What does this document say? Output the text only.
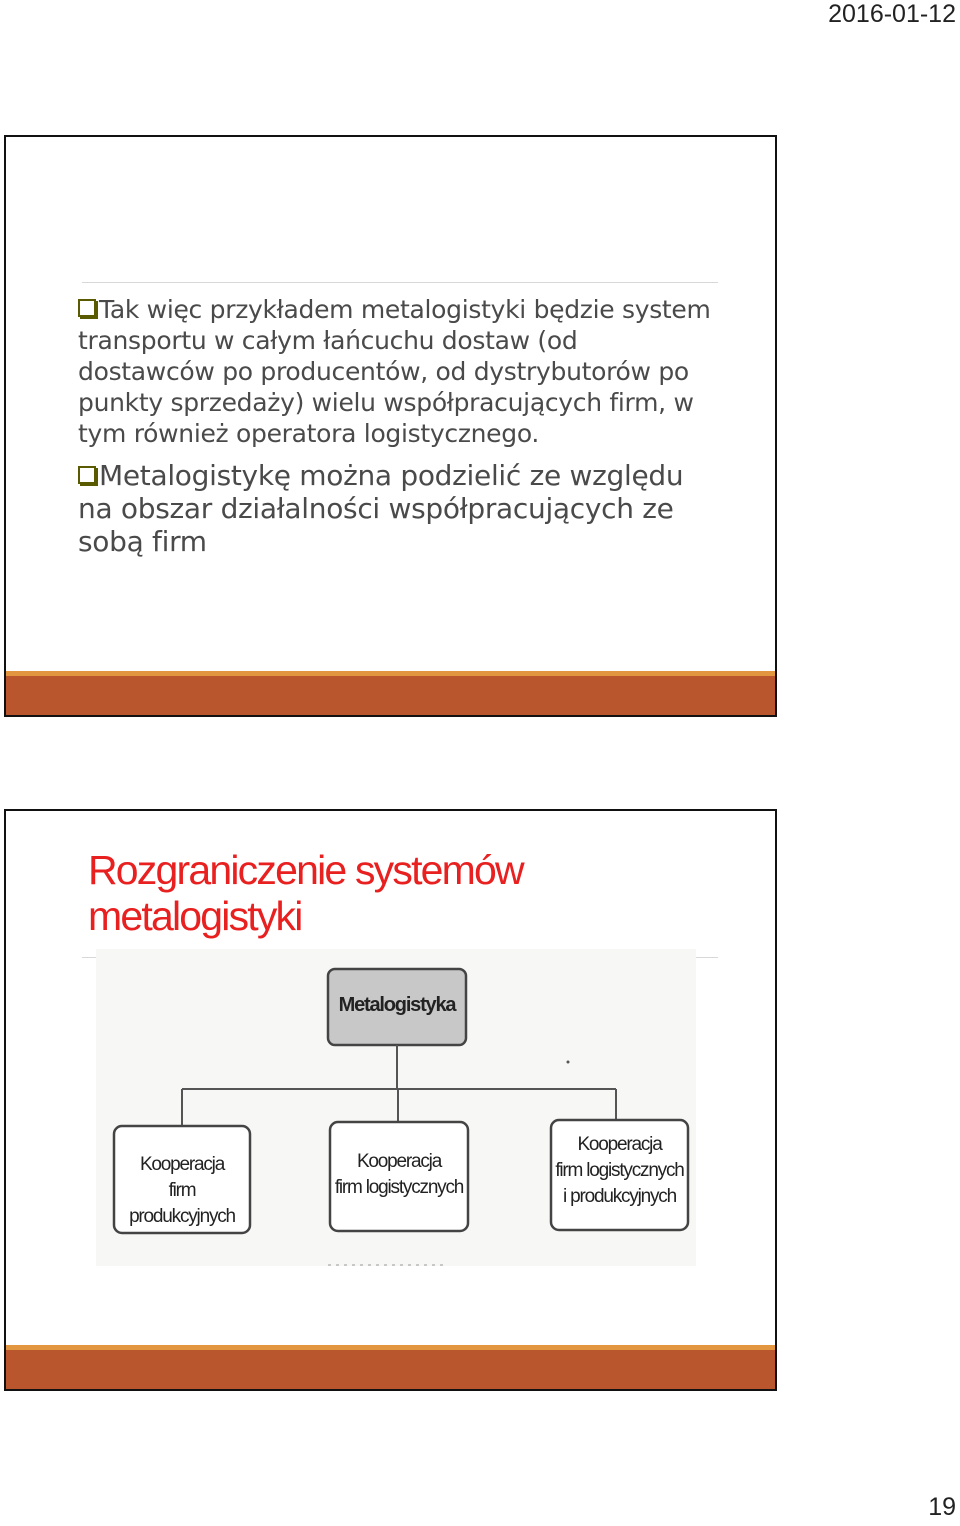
2016-01-12

Tak więc przykładem metalogistyki będzie system transportu w całym łańcuchu dostaw (od dostawców po producentów, od dystrybutorów po punkty sprzedaży) wielu współpracujących firm, w tym również operatora logistycznego.

Metalogistykę można podzielić ze względu na obszar działalności współpracujących ze sobą firm

Rozgraniczenie systemów
metalogistyki
Metalogistyka
Kooperacja
firm produkcyjnych
Kooperacja
firm logistycznych
Kooperacja
firm logistycznych
i produkcyjnych
19
